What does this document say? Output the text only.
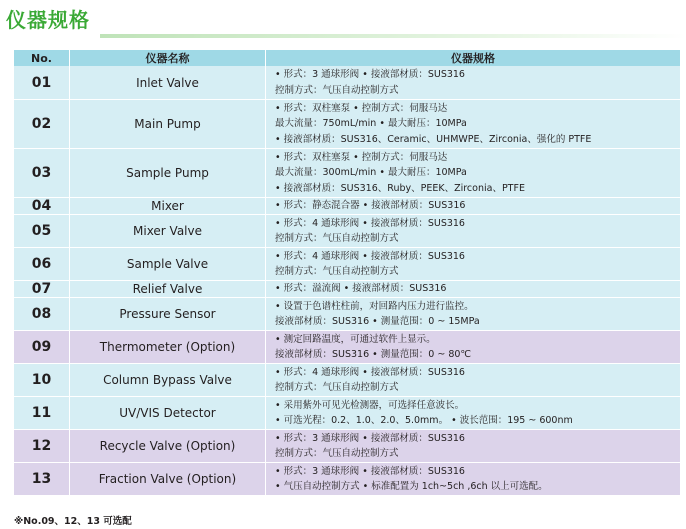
仪器规格
No.	仪器名称	仪器规格
01	Inlet Valve
• 形式：3 通球形阀 • 接液部材质：SUS316
控制方式：气压自动控制方式
02	Main Pump
• 形式：双柱塞泵 • 控制方式：伺服马达
最大流量：750mL/min • 最大耐压：10MPa
• 接液部材质：SUS316、Ceramic、UHMWPE、Zirconia、强化的 PTFE
03	Sample Pump
• 形式：双柱塞泵 • 控制方式：伺服马达
最大流量：300mL/min • 最大耐压：10MPa
• 接液部材质：SUS316、Ruby、PEEK、Zirconia、PTFE
04	Mixer	• 形式：静态混合器 • 接液部材质：SUS316
05	Mixer Valve
• 形式：4 通球形阀 • 接液部材质：SUS316
控制方式：气压自动控制方式
06	Sample Valve
• 形式：4 通球形阀 • 接液部材质：SUS316
控制方式：气压自动控制方式
07	Relief Valve	• 形式：溢流阀 • 接液部材质：SUS316
08	Pressure Sensor
• 设置于色谱柱柱前，对回路内压力进行监控。
接液部材质：SUS316 • 测量范围：0 ~ 15MPa
09	Thermometer (Option)
• 测定回路温度，可通过软件上显示。
接液部材质：SUS316 • 测量范围：0 ~ 80℃
10	Column Bypass Valve
• 形式：4 通球形阀 • 接液部材质：SUS316
控制方式：气压自动控制方式
11	UV/VIS Detector
• 采用紫外可见光检测器，可选择任意波长。
• 可选光程：0.2、1.0、2.0、5.0mm。 • 波长范围：195 ~ 600nm
12	Recycle Valve (Option)
• 形式：3 通球形阀 • 接液部材质：SUS316
控制方式：气压自动控制方式
13	Fraction Valve (Option)
• 形式：3 通球形阀 • 接液部材质：SUS316
• 气压自动控制方式 • 标准配置为 1ch~5ch ,6ch 以上可选配。
※No.09、12、13 可选配
